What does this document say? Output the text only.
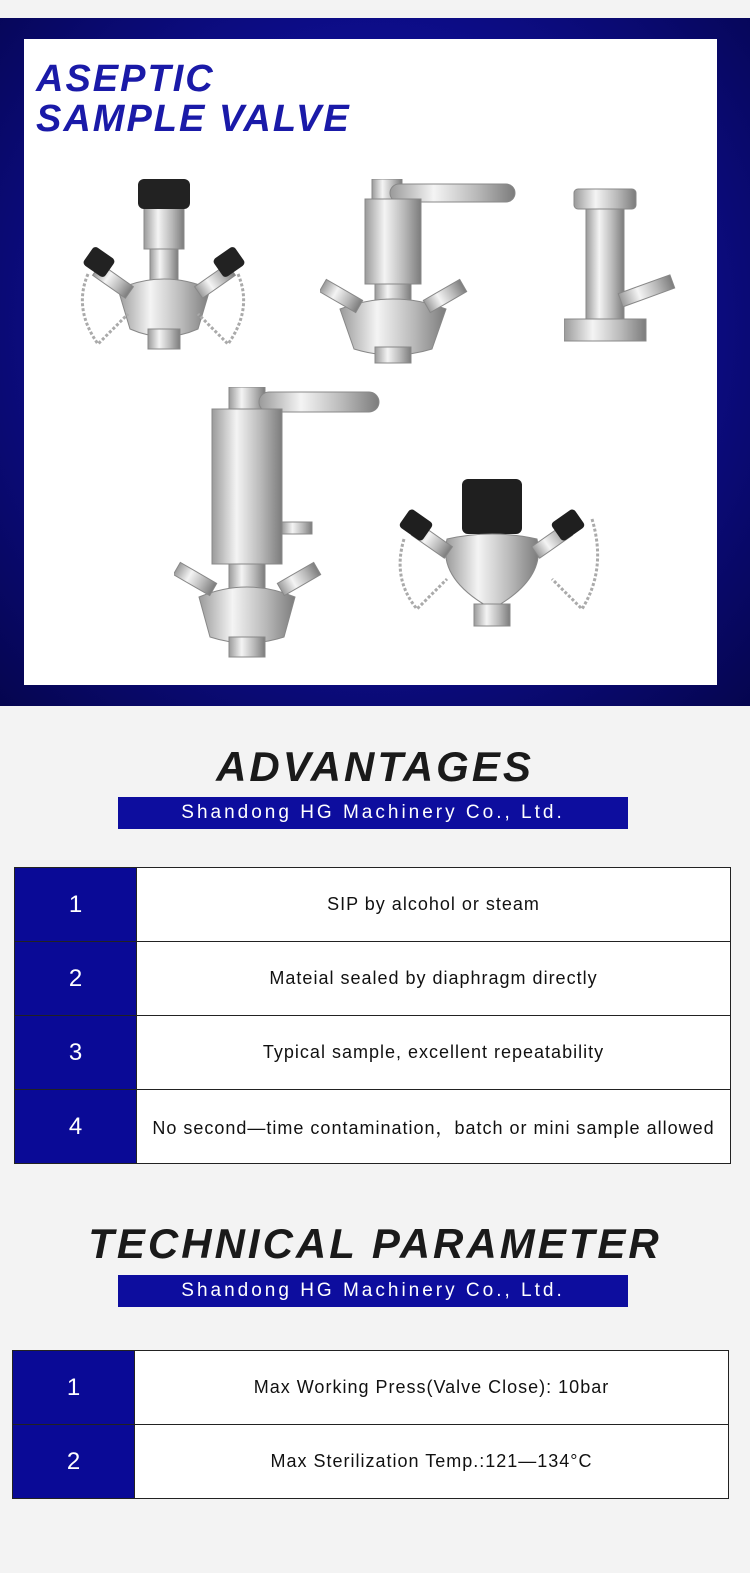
ASEPTIC
SAMPLE VALVE
ADVANTAGES
Shandong HG Machinery Co., Ltd.
1	SIP by alcohol or steam
2	Mateial sealed by diaphragm directly
3	Typical sample, excellent repeatability
4	No second—time contamination，batch or mini sample allowed
TECHNICAL PARAMETER
Shandong HG Machinery Co., Ltd.
1	Max Working Press(Valve Close): 10bar
2	Max Sterilization Temp.:121—134°C
